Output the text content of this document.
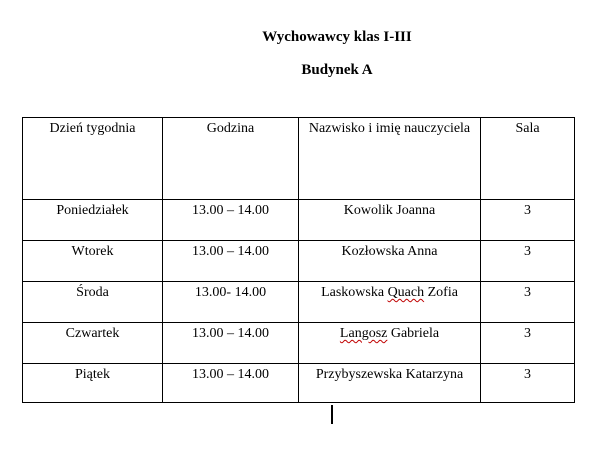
Wychowawcy klas I-III
Budynek A
Dzień tygodnia	Godzina	Nazwisko i imię nauczyciela	Sala
Poniedziałek	13.00 – 14.00	Kowolik Joanna	3
Wtorek	13.00 – 14.00	Kozłowska Anna	3
Środa	13.00- 14.00	Laskowska Quach Zofia	3
Czwartek	13.00 – 14.00	Langosz Gabriela	3
Piątek	13.00 – 14.00	Przybyszewska Katarzyna	3
